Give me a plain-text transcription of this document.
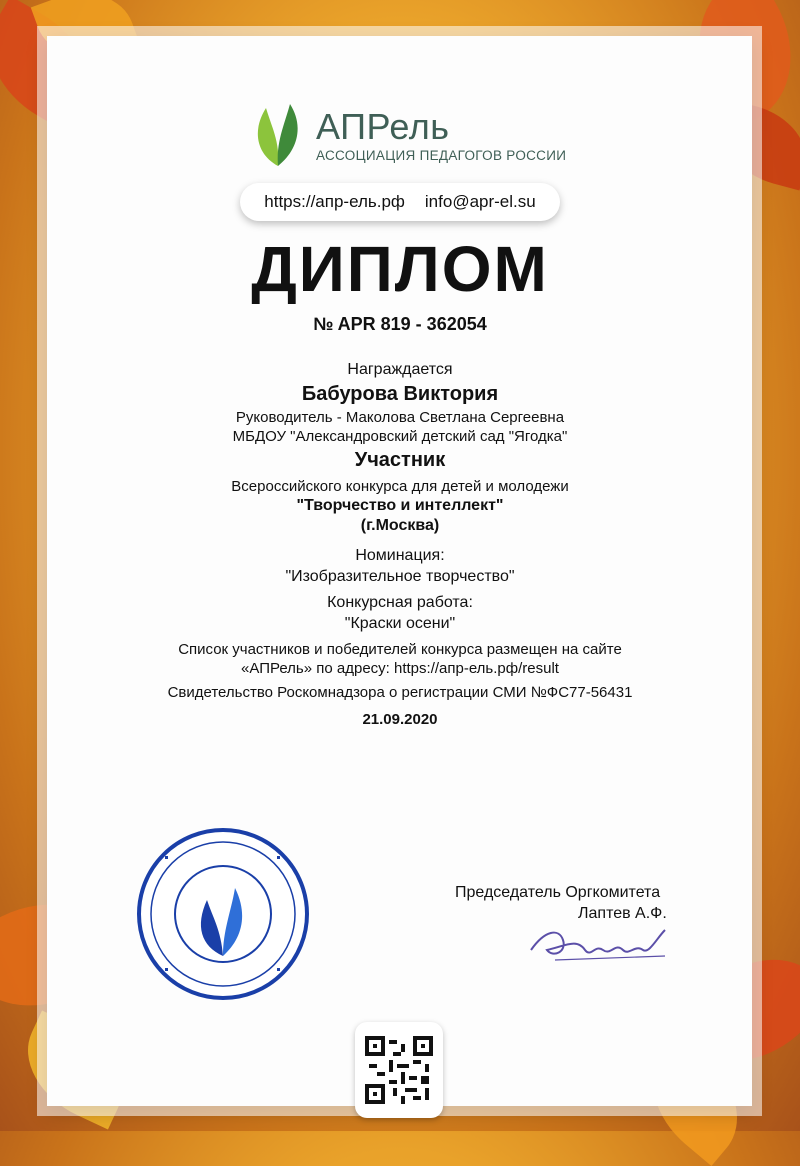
АПРель
АССОЦИАЦИЯ ПЕДАГОГОВ РОССИИ
https://апр-ель.рф info@apr-el.su
ДИПЛОМ
№ APR 819 - 362054
Награждается
Бабурова Виктория
Руководитель - Маколова Светлана Сергеевна
МБДОУ "Александровский детский сад "Ягодка"
Участник
Всероссийского конкурса для детей и молодежи
"Творчество и интеллект"
(г.Москва)
Номинация:
"Изобразительное творчество"
Конкурсная работа:
"Краски осени"
Список участников и победителей конкурса размещен на сайте
«АПРель» по адресу: https://апр-ель.рф/result
Свидетельство Роскомнадзора о регистрации СМИ №ФС77-56431
21.09.2020
Председатель Оргкомитета
Лаптев А.Ф.
